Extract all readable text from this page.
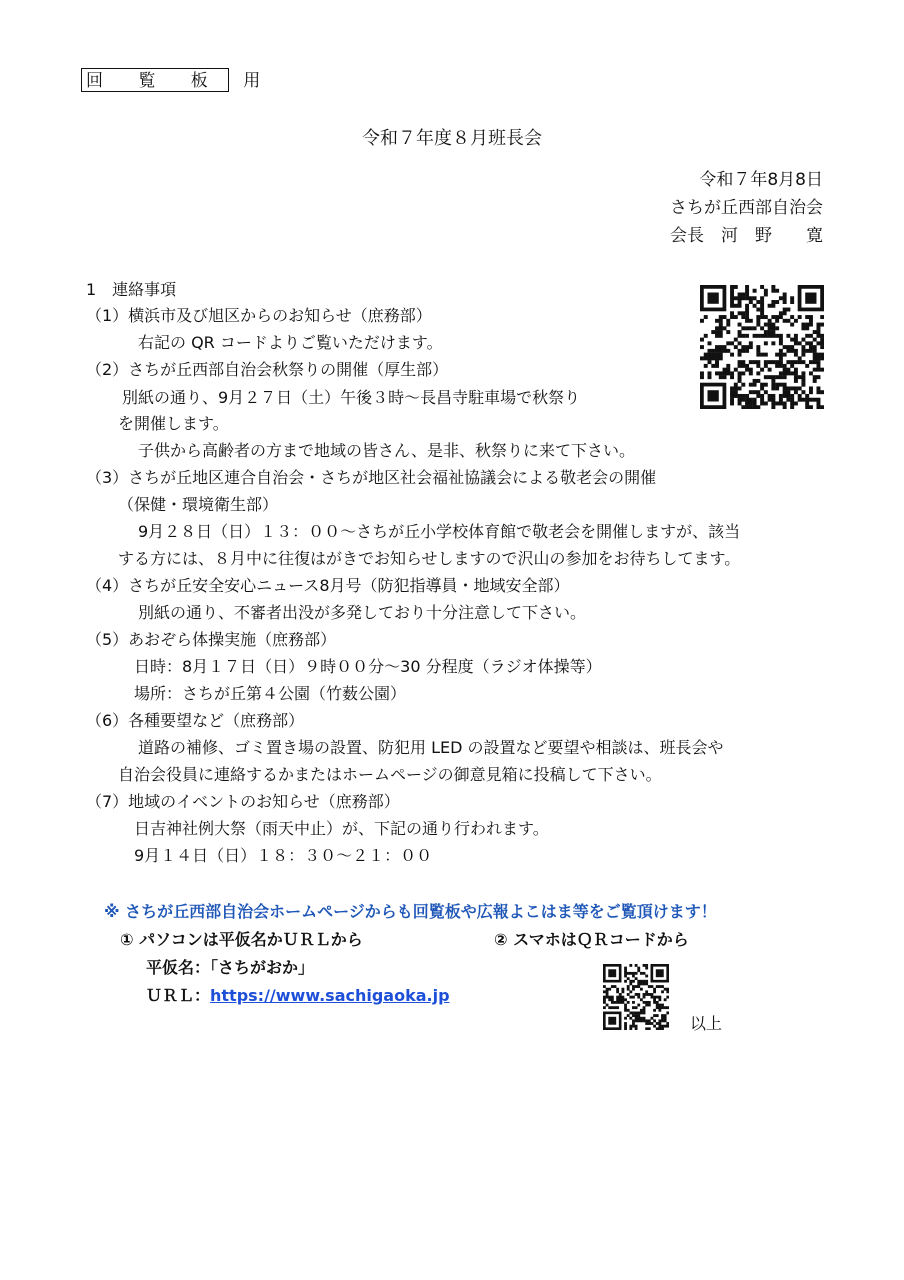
回 覧 板 用
令和７年度８月班長会
令和７年8月8日
さちが丘西部自治会
会長　河　野　　寛
1　連絡事項
（1）横浜市及び旭区からのお知らせ（庶務部）
右記の QR コードよりご覧いただけます。
（2）さちが丘西部自治会秋祭りの開催（厚生部）
別紙の通り、9月２７日（土）午後３時～長昌寺駐車場で秋祭り
を開催します。
子供から高齢者の方まで地域の皆さん、是非、秋祭りに来て下さい。
（3）さちが丘地区連合自治会・さちが地区社会福祉協議会による敬老会の開催
（保健・環境衛生部）
9月２８日（日）１３：００～さちが丘小学校体育館で敬老会を開催しますが、該当
する方には、８月中に往復はがきでお知らせしますので沢山の参加をお待ちしてます。
（4）さちが丘安全安心ニュース8月号（防犯指導員・地域安全部）
別紙の通り、不審者出没が多発しており十分注意して下さい。
（5）あおぞら体操実施（庶務部）
日時：8月１７日（日）９時００分～30 分程度（ラジオ体操等）
場所：さちが丘第４公園（竹薮公園）
（6）各種要望など（庶務部）
道路の補修、ゴミ置き場の設置、防犯用 LED の設置など要望や相談は、班長会や
自治会役員に連絡するかまたはホームページの御意見箱に投稿して下さい。
（7）地域のイベントのお知らせ（庶務部）
日吉神社例大祭（雨天中止）が、下記の通り行われます。
9月１４日（日）１８：３０～２１：００
※ さちが丘西部自治会ホームページからも回覧板や広報よこはま等をご覧頂けます！
① パソコンは平仮名かＵＲＬから	② スマホはＱＲコードから
平仮名：「さちがおか」
ＵＲＬ：https://www.sachigaoka.jp
以上
